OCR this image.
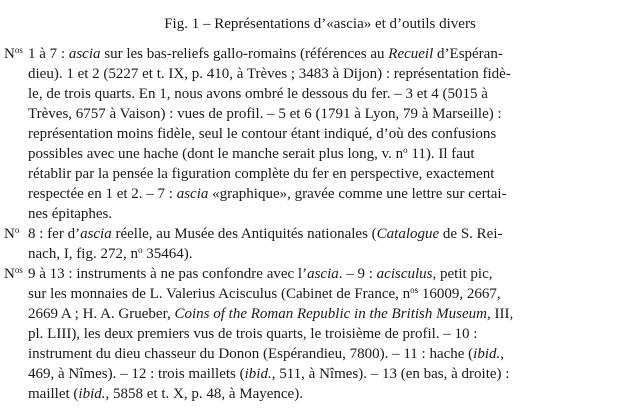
Fig. 1 – Représentations d’«ascia» et d’outils divers
$N^{os}$ 1 à 7 : ascia sur les bas-reliefs gallo-romains (références au Recueil d’Espéran-
dieu). 1 et 2 (5227 et t. IX, p. 410, à Trèves ; 3483 à Dijon) : représentation fidè-
le, de trois quarts. En 1, nous avons ombré le dessous du fer. – 3 et 4 (5015 à
Trèves, 6757 à Vaison) : vues de profil. – 5 et 6 (1791 à Lyon, 79 à Marseille) :
représentation moins fidèle, seul le contour étant indiqué, d’où des confusions
possibles avec une hache (dont le manche serait plus long, v. $n^o$ 11). Il faut
rétablir par la pensée la figuration complète du fer en perspective, exactement
respectée en 1 et 2. – 7 : ascia «graphique», gravée comme une lettre sur certai-
nes épitaphes.
$N^o$ 8 : fer d’ascia réelle, au Musée des Antiquités nationales (Catalogue de S. Rei-
nach, I, fig. 272, $n^o$ 35464).
$N^{os}$ 9 à 13 : instruments à ne pas confondre avec l’ascia. – 9 : acisculus, petit pic,
sur les monnaies de L. Valerius Acisculus (Cabinet de France, $n^{os}$ 16009, 2667,
2669 A ; H. A. Grueber, Coins of the Roman Republic in the British Museum, III,
pl. LIII), les deux premiers vus de trois quarts, le troisième de profil. – 10 :
instrument du dieu chasseur du Donon (Espérandieu, 7800). – 11 : hache (ibid.,
469, à Nîmes). – 12 : trois maillets (ibid., 511, à Nîmes). – 13 (en bas, à droite) :
maillet (ibid., 5858 et t. X, p. 48, à Mayence).
